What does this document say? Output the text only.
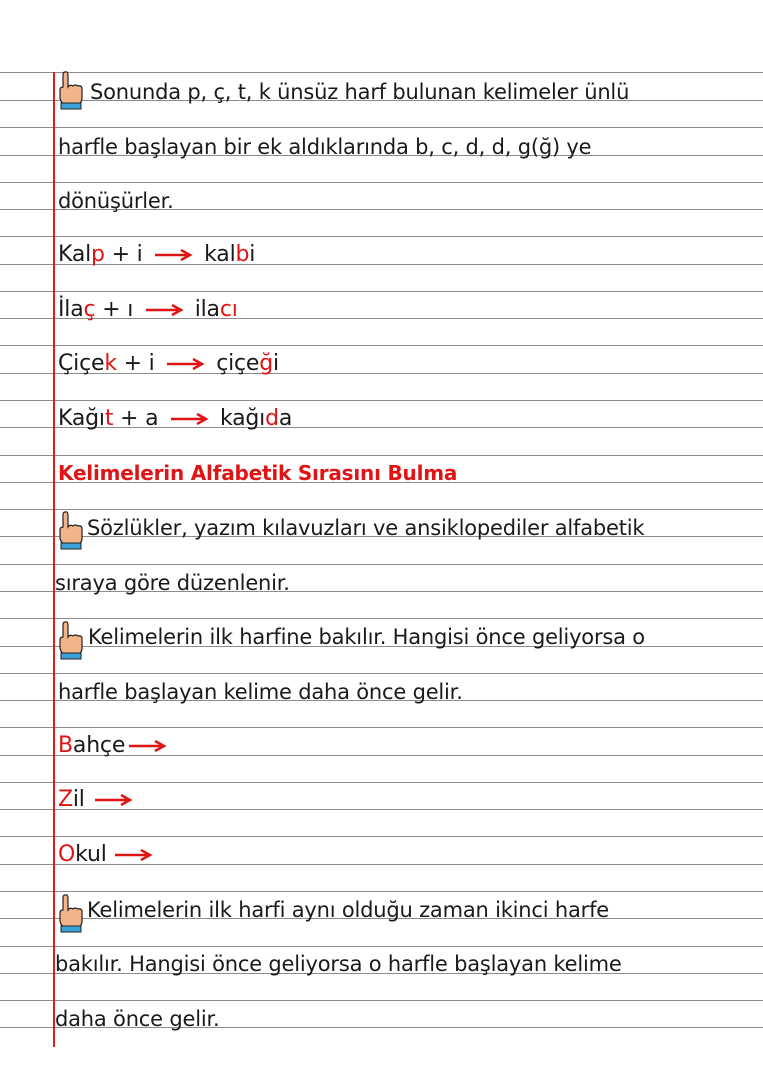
Sonunda p, ç, t, k ünsüz harf bulunan kelimeler ünlü
harfle başlayan bir ek aldıklarında b, c, d, d, g(ğ) ye
dönüşürler.
Kalp + i	kalbi
İlaç + ı	ilacı
Çiçek + i	çiçeği
Kağıt + a	kağıda
Kelimelerin Alfabetik Sırasını Bulma
Sözlükler, yazım kılavuzları ve ansiklopediler alfabetik
sıraya göre düzenlenir.
Kelimelerin ilk harfine bakılır. Hangisi önce geliyorsa o
harfle başlayan kelime daha önce gelir.
Bahçe
Zil
Okul
Kelimelerin ilk harfi aynı olduğu zaman ikinci harfe
bakılır. Hangisi önce geliyorsa o harfle başlayan kelime
daha önce gelir.
